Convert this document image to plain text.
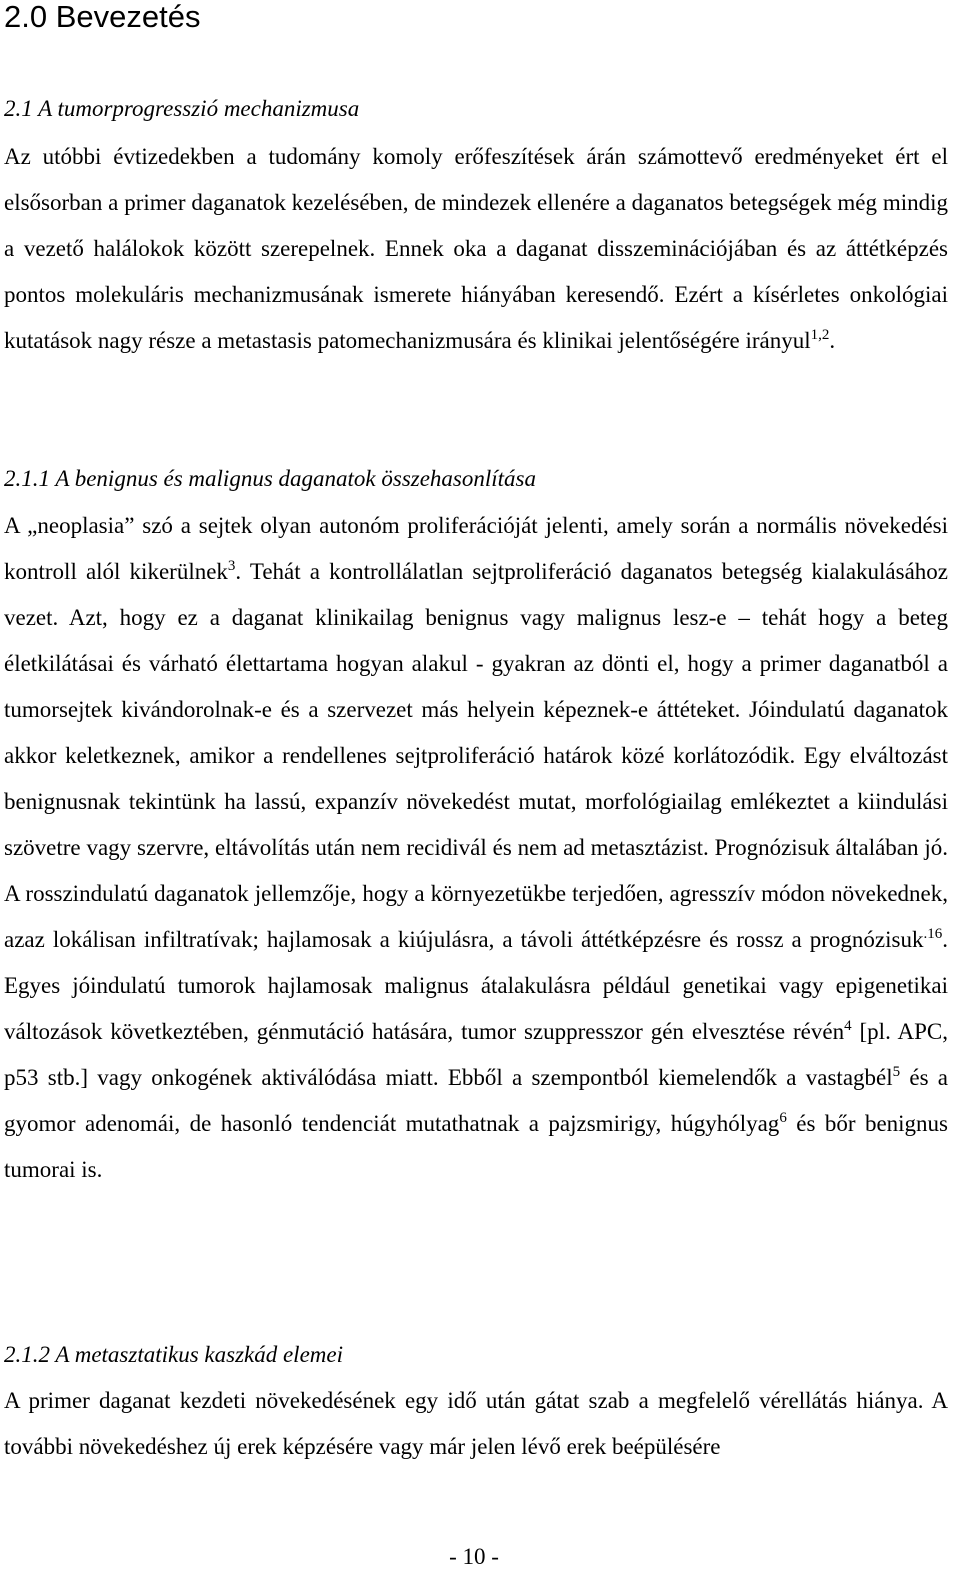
2.0 Bevezetés
2.1 A tumorprogresszió mechanizmusa

Az utóbbi évtizedekben a tudomány komoly erőfeszítések árán számottevő eredményeket ért el elsősorban a primer daganatok kezelésében, de mindezek ellenére a daganatos betegségek még mindig a vezető halálokok között szerepelnek. Ennek oka a daganat disszeminációjában és az áttétképzés pontos molekuláris mechanizmusának ismerete hiányában keresendő. Ezért a kísérletes onkológiai kutatások nagy része a metastasis patomechanizmusára és klinikai jelentőségére irányul$^{1,2}$.

2.1.1 A benignus és malignus daganatok összehasonlítása

A „neoplasia” szó a sejtek olyan autonóm proliferációját jelenti, amely során a normális növekedési kontroll alól kikerülnek$^3$. Tehát a kontrollálatlan sejtproliferáció daganatos betegség kialakulásához vezet. Azt, hogy ez a daganat klinikailag benignus vagy malignus lesz-e – tehát hogy a beteg életkilátásai és várható élettartama hogyan alakul - gyakran az dönti el, hogy a primer daganatból a tumorsejtek kivándorolnak-e és a szervezet más helyein képeznek-e áttéteket. Jóindulatú daganatok akkor keletkeznek, amikor a rendellenes sejtproliferáció határok közé korlátozódik. Egy elváltozást benignusnak tekintünk ha lassú, expanzív növekedést mutat, morfológiailag emlékeztet a kiindulási szövetre vagy szervre, eltávolítás után nem recidivál és nem ad metasztázist. Prognózisuk általában jó. A rosszindulatú daganatok jellemzője, hogy a környezetükbe terjedően, agresszív módon növekednek, azaz lokálisan infiltratívak; hajlamosak a kiújulásra, a távoli áttétképzésre és rossz a prognózisuk$^{.16}$. Egyes jóindulatú tumorok hajlamosak malignus átalakulásra például genetikai vagy epigenetikai változások következtében, génmutáció hatására, tumor szuppresszor gén elvesztése révén$^4$ [pl. APC, p53 stb.] vagy onkogének aktiválódása miatt. Ebből a szempontból kiemelendők a vastagbél$^5$ és a gyomor adenomái, de hasonló tendenciát mutathatnak a pajzsmirigy, húgyhólyag$^6$ és bőr benignus tumorai is.

2.1.2 A metasztatikus kaszkád elemei

A primer daganat kezdeti növekedésének egy idő után gátat szab a megfelelő vérellátás hiánya. A további növekedéshez új erek képzésére vagy már jelen lévő erek beépülésére

- 10 -
